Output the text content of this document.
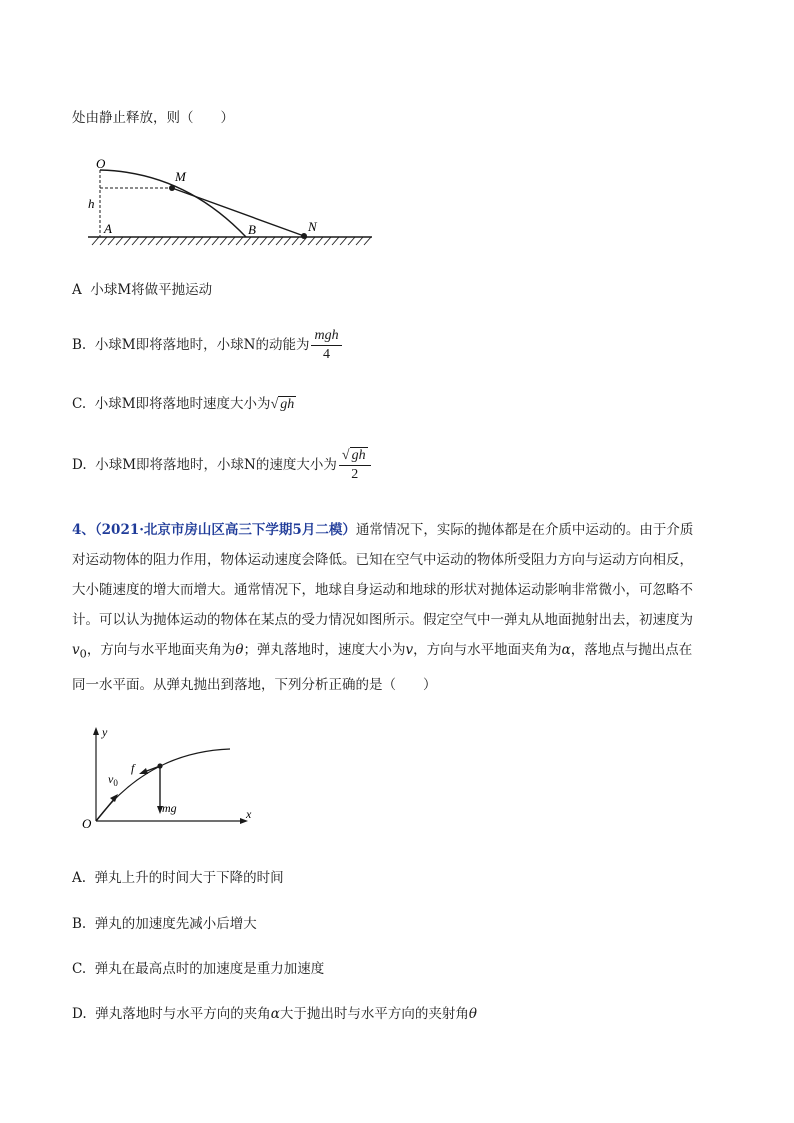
处由静止释放，则（　　）
O
M
h
A	B	N
A 小球M将做平抛运动
B. 小球M即将落地时，小球N的动能为 $\frac{\text{mgh}}{4}$
C. 小球M即将落地时速度大小为√ gh
D. 小球M即将落地时，小球N的速度大小为 $\frac{√ gh}{2}$
4、（2021·北京市房山区高三下学期5月二模）通常情况下，实际的抛体都是在介质中运动的。由于介质
对运动物体的阻力作用，物体运动速度会降低。已知在空气中运动的物体所受阻力方向与运动方向相反，
大小随速度的增大而增大。通常情况下，地球自身运动和地球的形状对抛体运动影响非常微小，可忽略不
计。可以认为抛体运动的物体在某点的受力情况如图所示。假定空气中一弹丸从地面抛射出去，初速度为
$v_0$，方向与水平地面夹角为θ；弹丸落地时，速度大小为v，方向与水平地面夹角为α，落地点与抛出点在
同一水平面。从弹丸抛出到落地，下列分析正确的是（　　）
y
x
O
$v_0$
f
mg
A. 弹丸上升的时间大于下降的时间
B. 弹丸的加速度先减小后增大
C. 弹丸在最高点时的加速度是重力加速度
D. 弹丸落地时与水平方向的夹角α大于抛出时与水平方向的夹射角θ
